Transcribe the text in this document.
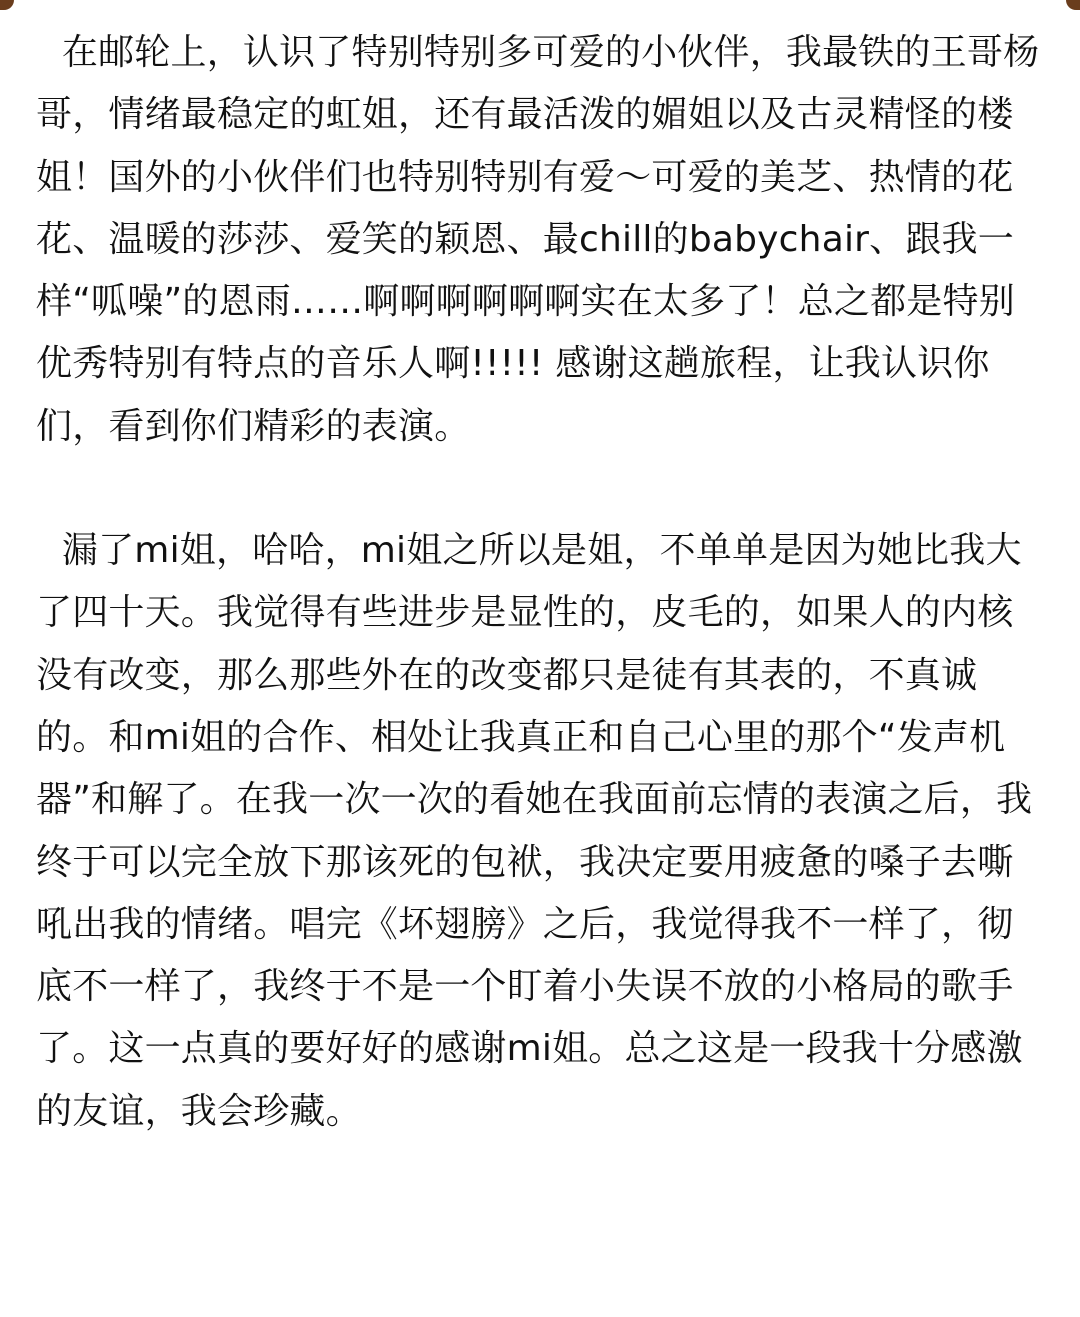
在邮轮上，认识了特别特别多可爱的小伙伴，我最铁的王哥杨哥，情绪最稳定的虹姐，还有最活泼的媚姐以及古灵精怪的楼姐！国外的小伙伴们也特别特别有爱～可爱的美芝、热情的花花、温暖的莎莎、爱笑的颖恩、最chill的babychair、跟我一样“呱噪”的恩雨……啊啊啊啊啊啊实在太多了！总之都是特别优秀特别有特点的音乐人啊!!!!! 感谢这趟旅程，让我认识你们，看到你们精彩的表演。

漏了mi姐，哈哈，mi姐之所以是姐，不单单是因为她比我大了四十天。我觉得有些进步是显性的，皮毛的，如果人的内核没有改变，那么那些外在的改变都只是徒有其表的，不真诚的。和mi姐的合作、相处让我真正和自己心里的那个“发声机器”和解了。在我一次一次的看她在我面前忘情的表演之后，我终于可以完全放下那该死的包袱，我决定要用疲惫的嗓子去嘶吼出我的情绪。唱完《坏翅膀》之后，我觉得我不一样了，彻底不一样了，我终于不是一个盯着小失误不放的小格局的歌手了。这一点真的要好好的感谢mi姐。总之这是一段我十分感激的友谊，我会珍藏。
